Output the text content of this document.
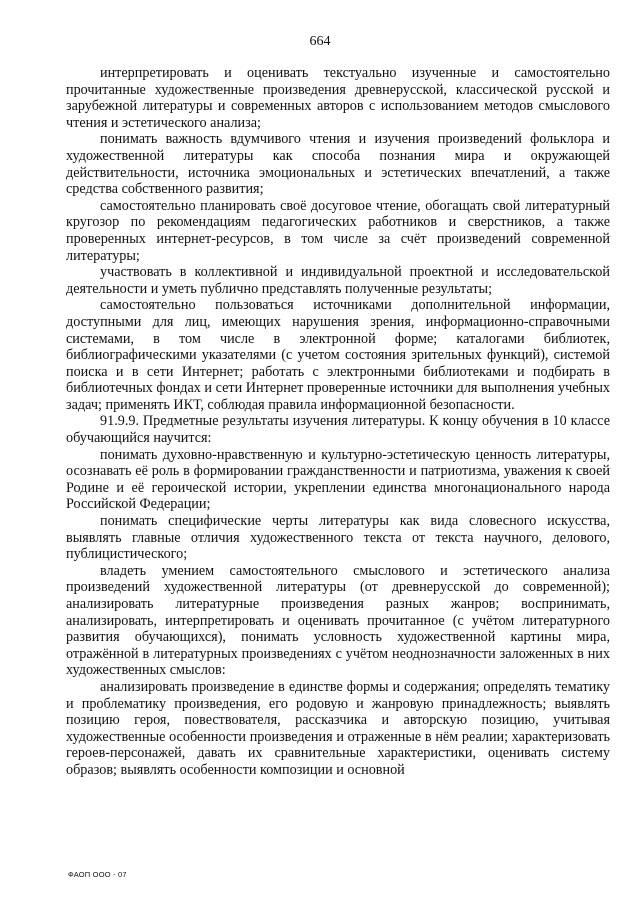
664

интерпретировать и оценивать текстуально изученные и самостоятельно прочитанные художественные произведения древнерусской, классической русской и зарубежной литературы и современных авторов с использованием методов смыслового чтения и эстетического анализа;

понимать важность вдумчивого чтения и изучения произведений фольклора и художественной литературы как способа познания мира и окружающей действительности, источника эмоциональных и эстетических впечатлений, а также средства собственного развития;

самостоятельно планировать своё досуговое чтение, обогащать свой литературный кругозор по рекомендациям педагогических работников и сверстников, а также проверенных интернет-ресурсов, в том числе за счёт произведений современной литературы;

участвовать в коллективной и индивидуальной проектной и исследовательской деятельности и уметь публично представлять полученные результаты;

самостоятельно пользоваться источниками дополнительной информации, доступными для лиц, имеющих нарушения зрения, информационно-справочными системами, в том числе в электронной форме; каталогами библиотек, библиографическими указателями (с учетом состояния зрительных функций), системой поиска и в сети Интернет; работать с электронными библиотеками и подбирать в библиотечных фондах и сети Интернет проверенные источники для выполнения учебных задач; применять ИКТ, соблюдая правила информационной безопасности.

91.9.9. Предметные результаты изучения литературы. К концу обучения в 10 классе обучающийся научится:

понимать духовно-нравственную и культурно-эстетическую ценность литературы, осознавать её роль в формировании гражданственности и патриотизма, уважения к своей Родине и её героической истории, укреплении единства многонационального народа Российской Федерации;

понимать специфические черты литературы как вида словесного искусства, выявлять главные отличия художественного текста от текста научного, делового, публицистического;

владеть умением самостоятельного смыслового и эстетического анализа произведений художественной литературы (от древнерусской до современной); анализировать литературные произведения разных жанров; воспринимать, анализировать, интерпретировать и оценивать прочитанное (с учётом литературного развития обучающихся), понимать условность художественной картины мира, отражённой в литературных произведениях с учётом неоднозначности заложенных в них художественных смыслов:

анализировать произведение в единстве формы и содержания; определять тематику и проблематику произведения, его родовую и жанровую принадлежность; выявлять позицию героя, повествователя, рассказчика и авторскую позицию, учитывая художественные особенности произведения и отраженные в нём реалии; характеризовать героев-персонажей, давать их сравнительные характеристики, оценивать систему образов; выявлять особенности композиции и основной

ФАОП ООО - 07
